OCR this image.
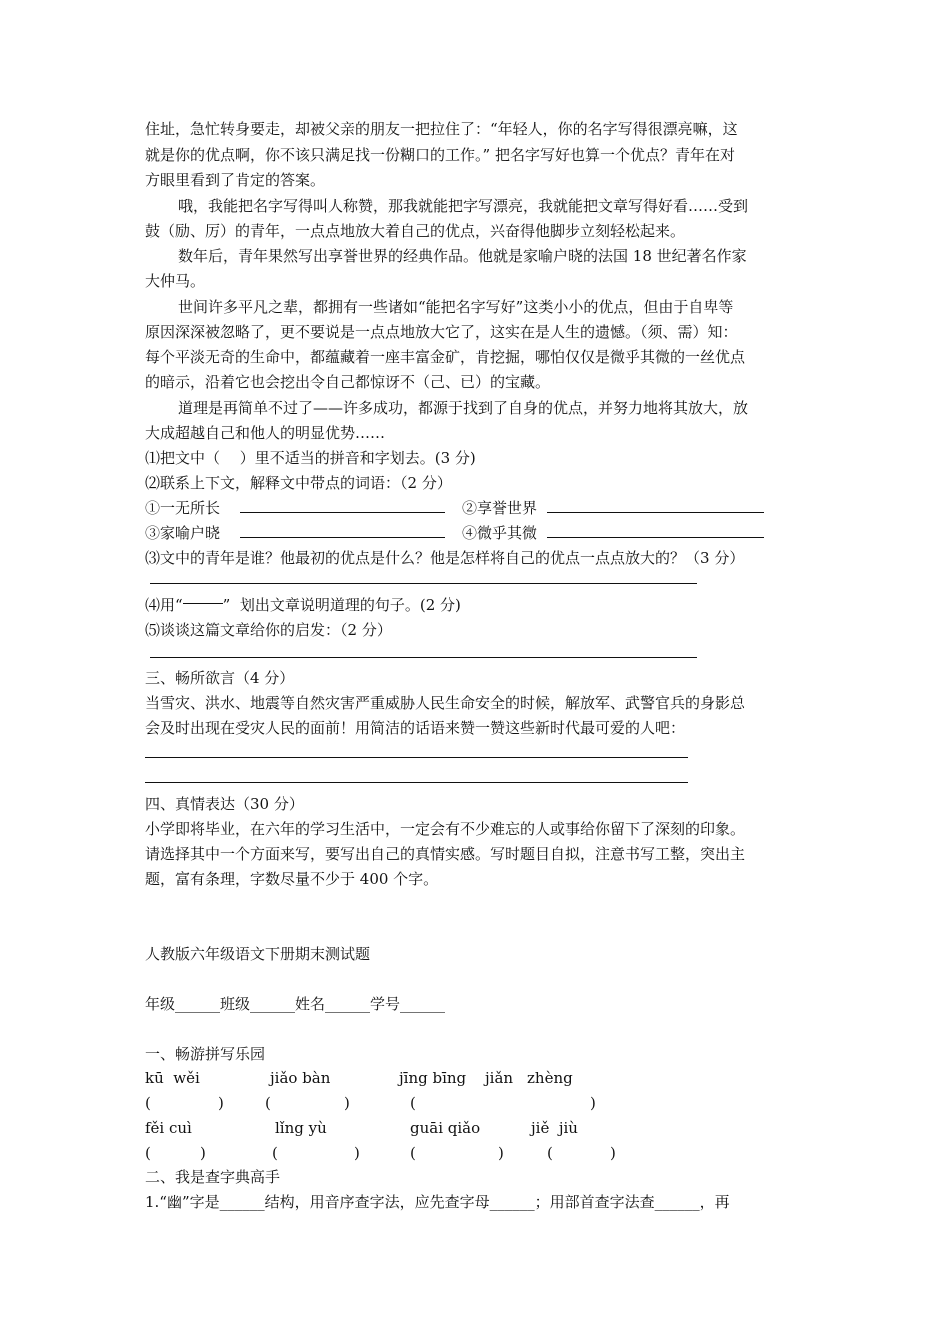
住址，急忙转身要走，却被父亲的朋友一把拉住了：“年轻人，你的名字写得很漂亮嘛，这
就是你的优点啊，你不该只满足找一份糊口的工作。” 把名字写好也算一个优点？青年在对
方眼里看到了肯定的答案。
哦，我能把名字写得叫人称赞，那我就能把字写漂亮，我就能把文章写得好看……受到
鼓（励、厉）的青年，一点点地放大着自己的优点，兴奋得他脚步立刻轻松起来。
数年后，青年果然写出享誉世界的经典作品。他就是家喻户晓的法国 18 世纪著名作家
大仲马。
世间许多平凡之辈，都拥有一些诸如“能把名字写好”这类小小的优点，但由于自卑等
原因深深被忽略了，更不要说是一点点地放大它了，这实在是人生的遗憾。（须、需）知：
每个平淡无奇的生命中，都蕴藏着一座丰富金矿，肯挖掘，哪怕仅仅是微乎其微的一丝优点
的暗示，沿着它也会挖出令自己都惊讶不（己、已）的宝藏。
道理是再简单不过了——许多成功，都源于找到了自身的优点，并努力地将其放大，放
大成超越自己和他人的明显优势……
⑴把文中（　 ）里不适当的拼音和字划去。(3 分)
⑵联系上下文，解释文中带点的词语：（2 分）
①一无所长	②享誉世界
③家喻户晓	④微乎其微
⑶文中的青年是谁？他最初的优点是什么？他是怎样将自己的优点一点点放大的？（3 分）
⑷用“	”  划出文章说明道理的句子。(2 分)
⑸谈谈这篇文章给你的启发：（2 分）
三、畅所欲言（4 分）
当雪灾、洪水、地震等自然灾害严重威胁人民生命安全的时候，解放军、武警官兵的身影总
会及时出现在受灾人民的面前！用简洁的话语来赞一赞这些新时代最可爱的人吧：
四、真情表达（30 分）
小学即将毕业，在六年的学习生活中，一定会有不少难忘的人或事给你留下了深刻的印象。
请选择其中一个方面来写，要写出自己的真情实感。写时题目自拟，注意书写工整，突出主
题，富有条理，字数尽量不少于 400 个字。
人教版六年级语文下册期末测试题
年级______班级______姓名______学号______
一、畅游拼写乐园
kū  wěi	jiǎo bàn	jīng bīng jiǎn zhèng
(	)	(	)	(	)
fěi cuì	lǐng yù	guāi qiǎo	jiě  jiù
(	)	(	)	(	)	(	)
二、我是查字典高手
1.“幽”字是______结构，用音序查字法，应先查字母______；用部首查字法查______，再
